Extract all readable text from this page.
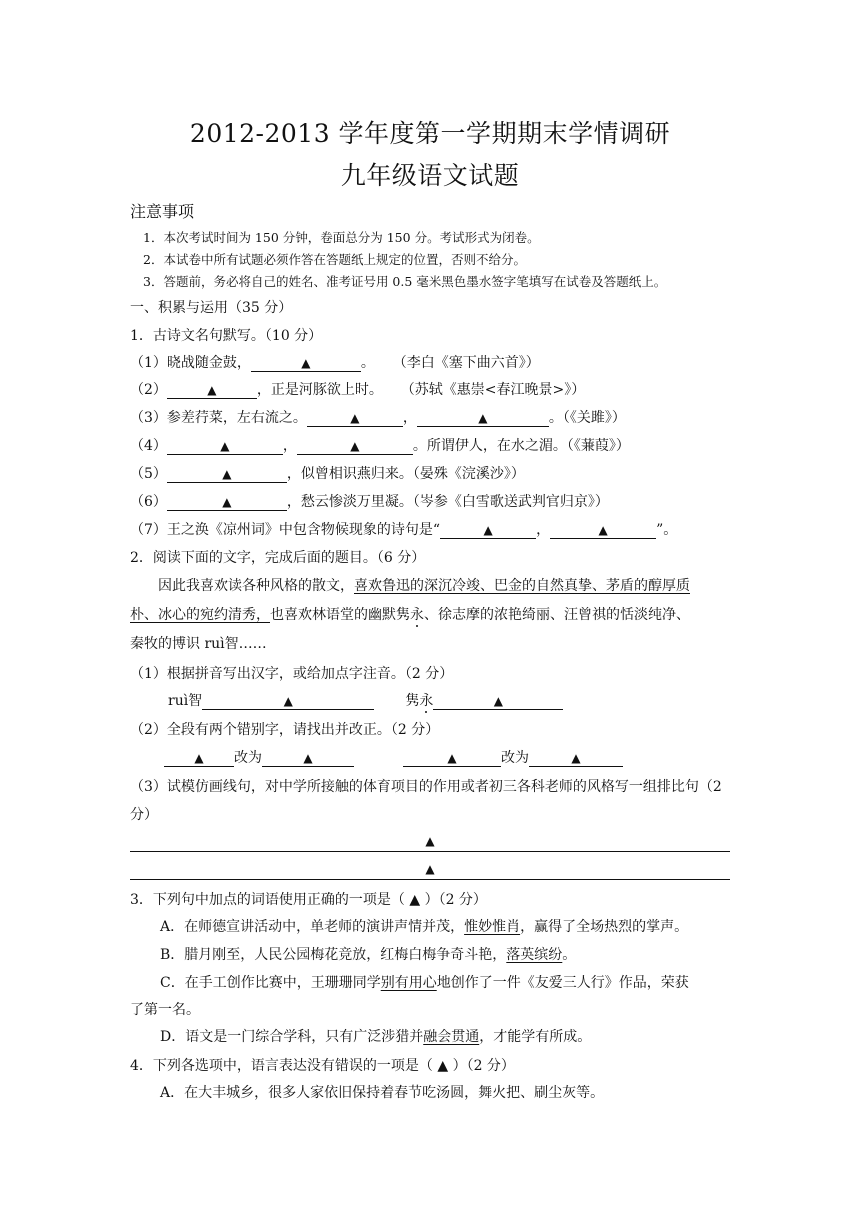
2012-2013 学年度第一学期期末学情调研
九年级语文试题
注意事项
1．本次考试时间为 150 分钟，卷面总分为 150 分。考试形式为闭卷。
2．本试卷中所有试题必须作答在答题纸上规定的位置，否则不给分。
3．答题前，务必将自己的姓名、准考证号用 0.5 毫米黑色墨水签字笔填写在试卷及答题纸上。
一、积累与运用（35 分）
1．古诗文名句默写。（10 分）
（1）晓战随金鼓，	▲	。 （李白《塞下曲六首》）
（2）	▲	，正是河豚欲上时。 （苏轼《惠崇<春江晚景>》）
（3）参差荇菜，左右流之。	▲	，	▲	。（《关雎》）
（4）	▲	，	▲	。所谓伊人，在水之湄。（《蒹葭》）
（5）	▲	，似曾相识燕归来。（晏殊《浣溪沙》）
（6）	▲	，愁云惨淡万里凝。（岑参《白雪歌送武判官归京》）
（7）王之涣《凉州词》中包含物候现象的诗句是“	▲	，	▲	”。
2．阅读下面的文字，完成后面的题目。（6 分）
因此我喜欢读各种风格的散文，喜欢鲁迅的深沉冷竣、巴金的自然真挚、茅盾的醇厚质
朴、冰心的宛约清秀，也喜欢林语堂的幽默隽永、徐志摩的浓艳绮丽、汪曾祺的恬淡纯净、
秦牧的博识 ruì智……
（1）根据拼音写出汉字，或给加点字注音。（2 分）
ruì智	▲	隽永	▲
（2）全段有两个错别字，请找出并改正。（2 分）
▲ 改为	▲	▲	改为	▲
（3）试模仿画线句，对中学所接触的体育项目的作用或者初三各科老师的风格写一组排比句（2
分）
▲
▲
3．下列句中加点的词语使用正确的一项是（ ▲ ）（2 分）
A．在师德宣讲活动中，单老师的演讲声情并茂，惟妙惟肖，赢得了全场热烈的掌声。
B．腊月刚至，人民公园梅花竞放，红梅白梅争奇斗艳，落英缤纷。
C．在手工创作比赛中，王珊珊同学别有用心地创作了一件《友爱三人行》作品，荣获
了第一名。
D．语文是一门综合学科，只有广泛涉猎并融会贯通，才能学有所成。
4．下列各选项中，语言表达没有错误的一项是（ ▲ ）（2 分）
A．在大丰城乡，很多人家依旧保持着春节吃汤圆，舞火把、刷尘灰等。
